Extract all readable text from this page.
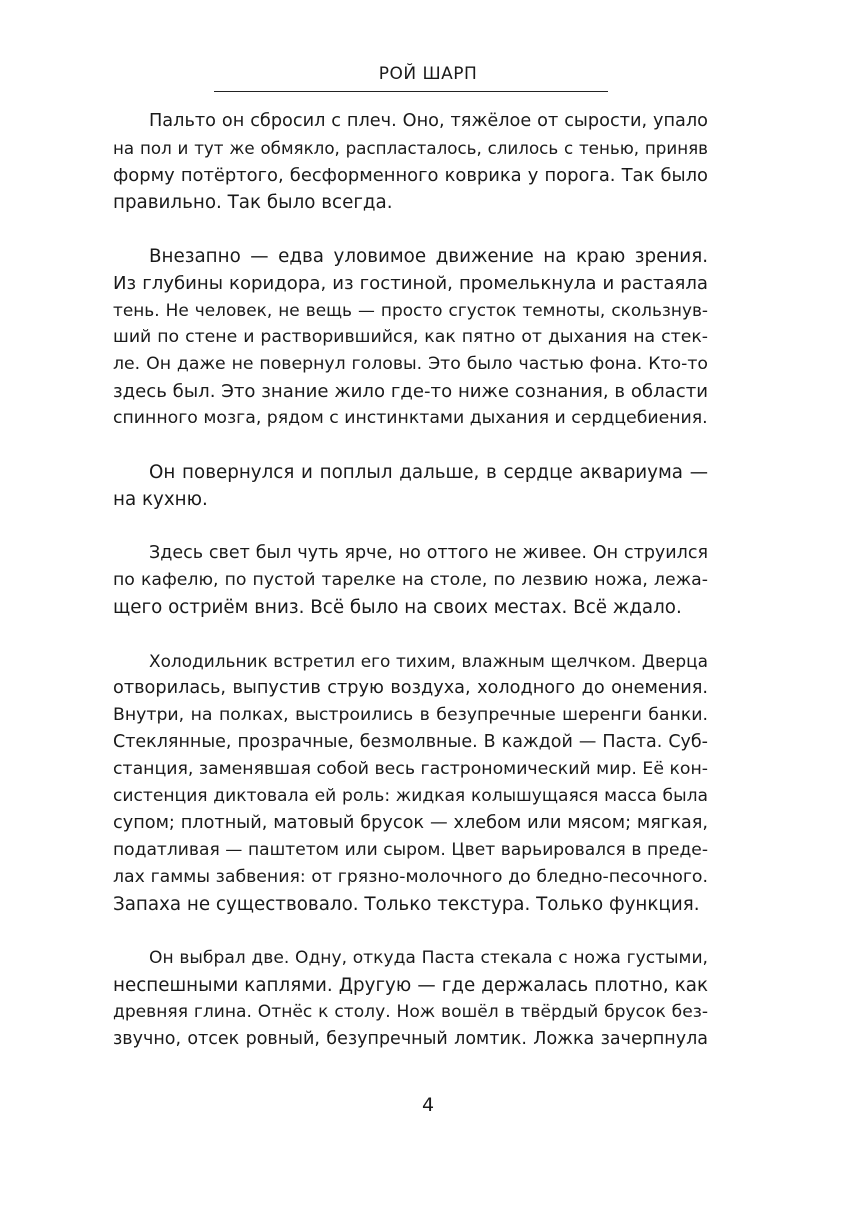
РОЙ ШАРП

Пальто он сбросил с плеч. Оно, тяжёлое от сырости, упало

на пол и тут же обмякло, распласталось, слилось с тенью, приняв

форму потёртого, бесформенного коврика у порога. Так было

правильно. Так было всегда.

Внезапно — едва уловимое движение на краю зрения.

Из глубины коридора, из гостиной, промелькнула и растаяла

тень. Не человек, не вещь — просто сгусток темноты, скользнув-

ший по стене и растворившийся, как пятно от дыхания на стек-

ле. Он даже не повернул головы. Это было частью фона. Кто-то

здесь был. Это знание жило где-то ниже сознания, в области

спинного мозга, рядом с инстинктами дыхания и сердцебиения.

Он повернулся и поплыл дальше, в сердце аквариума —

на кухню.

Здесь свет был чуть ярче, но оттого не живее. Он струился

по кафелю, по пустой тарелке на столе, по лезвию ножа, лежа-

щего остриём вниз. Всё было на своих местах. Всё ждало.

Холодильник встретил его тихим, влажным щелчком. Дверца

отворилась, выпустив струю воздуха, холодного до онемения.

Внутри, на полках, выстроились в безупречные шеренги банки.

Стеклянные, прозрачные, безмолвные. В каждой — Паста. Суб-

станция, заменявшая собой весь гастрономический мир. Её кон-

систенция диктовала ей роль: жидкая колышущаяся масса была

супом; плотный, матовый брусок — хлебом или мясом; мягкая,

податливая — паштетом или сыром. Цвет варьировался в преде-

лах гаммы забвения: от грязно-молочного до бледно-песочного.

Запаха не существовало. Только текстура. Только функция.

Он выбрал две. Одну, откуда Паста стекала с ножа густыми,

неспешными каплями. Другую — где держалась плотно, как

древняя глина. Отнёс к столу. Нож вошёл в твёрдый брусок без-

звучно, отсек ровный, безупречный ломтик. Ложка зачерпнула

4
